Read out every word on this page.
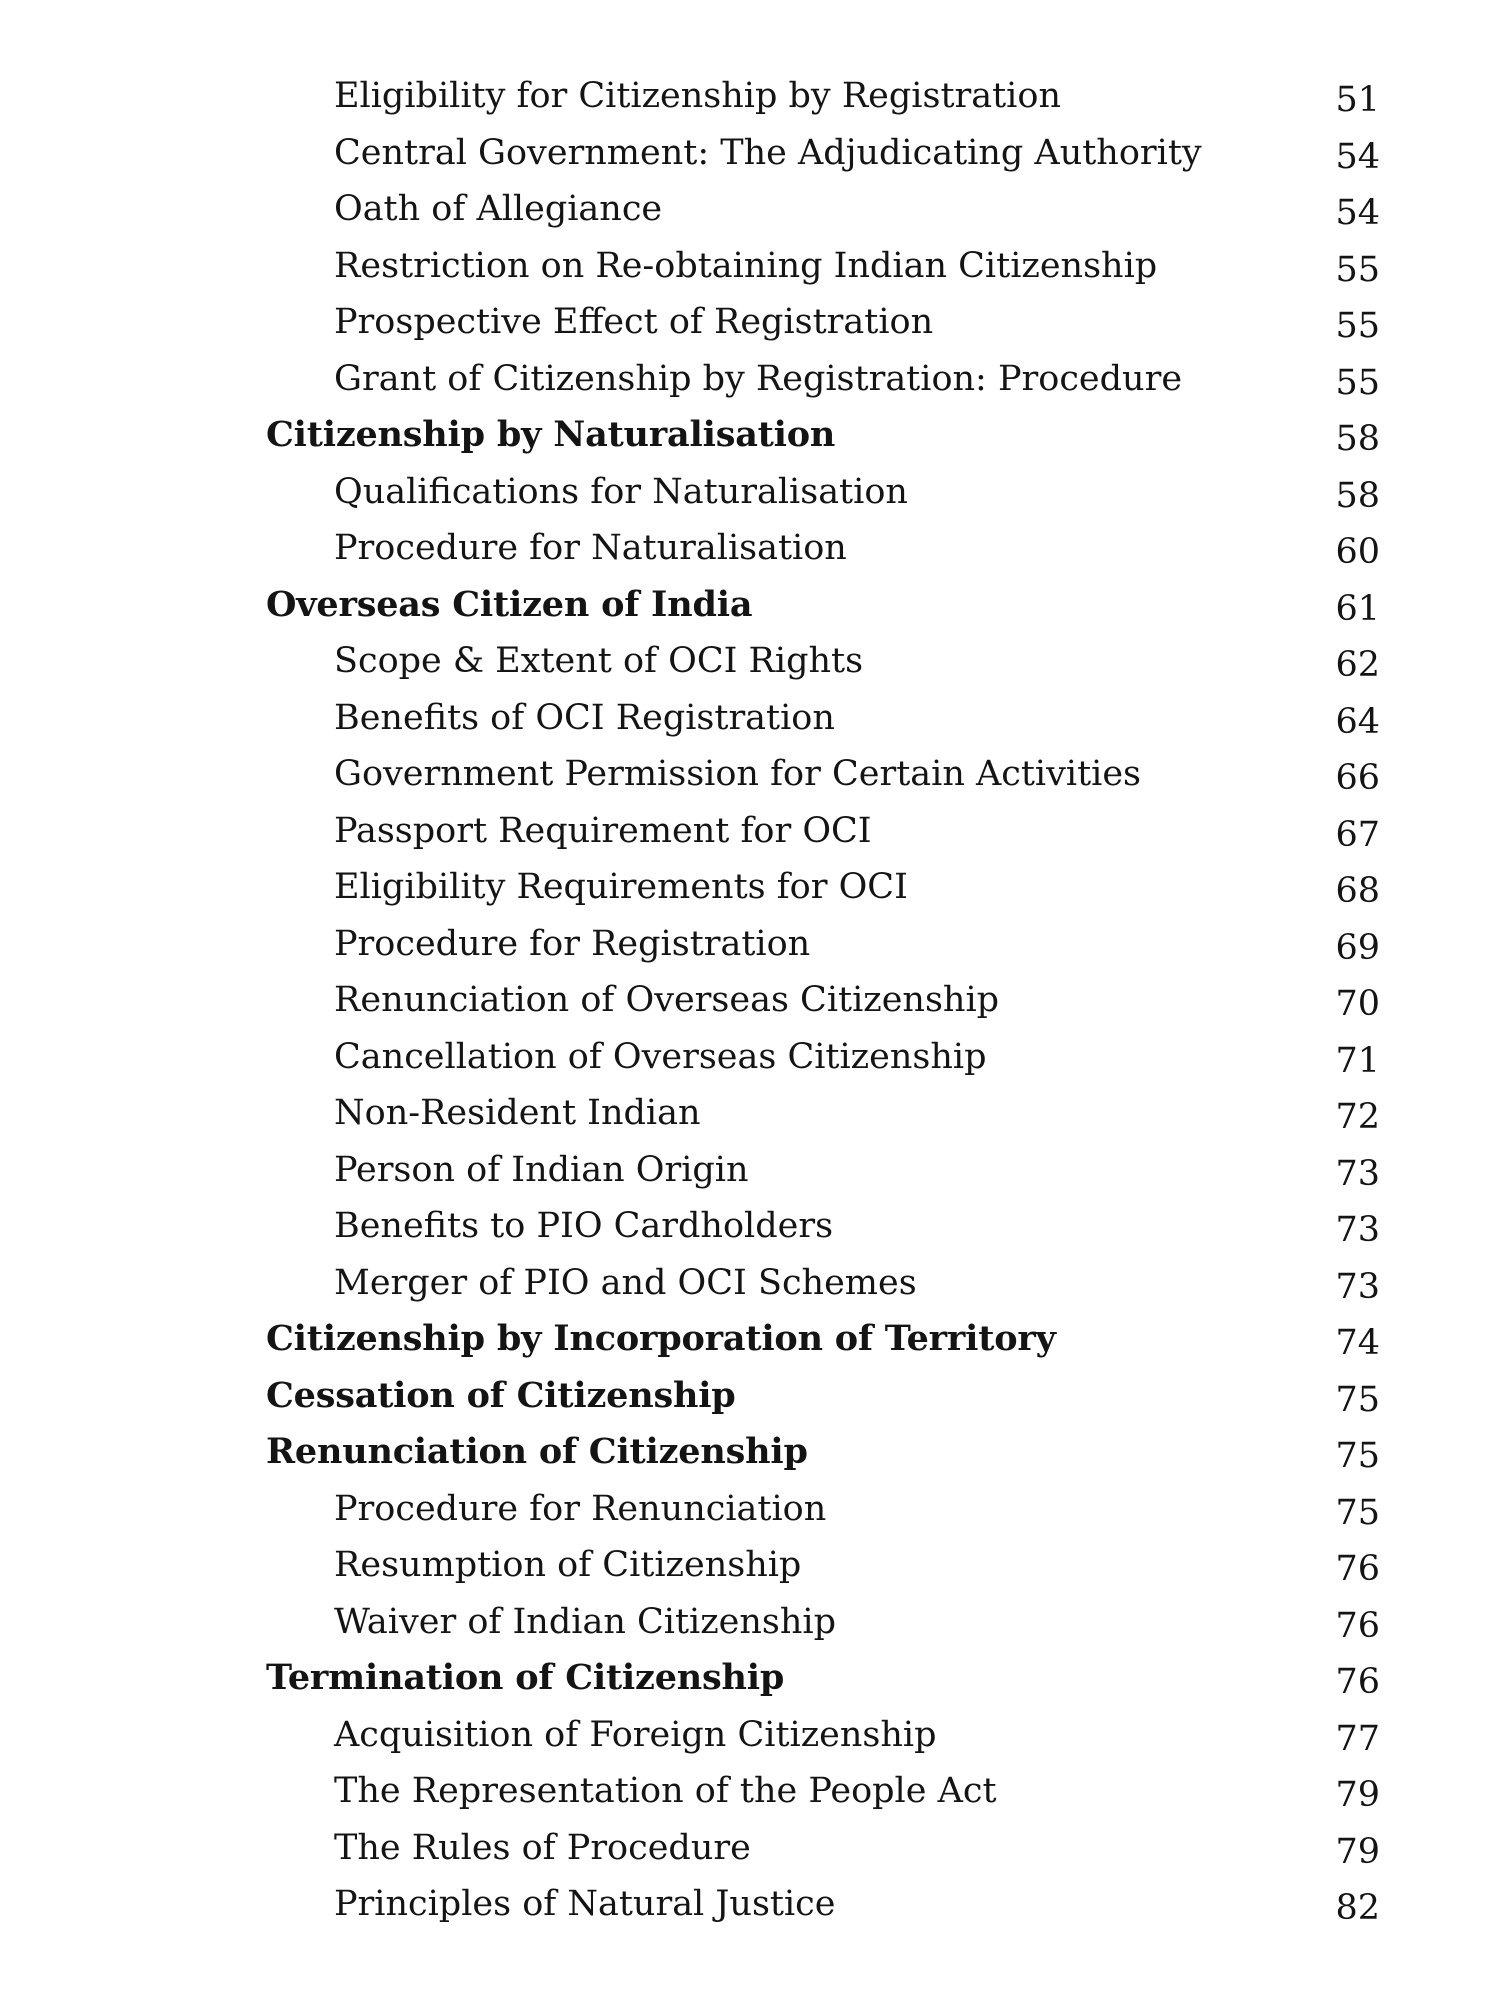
Eligibility for Citizenship by Registration	51
Central Government: The Adjudicating Authority	54
Oath of Allegiance	54
Restriction on Re-obtaining Indian Citizenship	55
Prospective Effect of Registration	55
Grant of Citizenship by Registration: Procedure	55
Citizenship by Naturalisation	58
Qualifications for Naturalisation	58
Procedure for Naturalisation	60
Overseas Citizen of India	61
Scope & Extent of OCI Rights	62
Benefits of OCI Registration	64
Government Permission for Certain Activities	66
Passport Requirement for OCI	67
Eligibility Requirements for OCI	68
Procedure for Registration	69
Renunciation of Overseas Citizenship	70
Cancellation of Overseas Citizenship	71
Non-Resident Indian	72
Person of Indian Origin	73
Benefits to PIO Cardholders	73
Merger of PIO and OCI Schemes	73
Citizenship by Incorporation of Territory	74
Cessation of Citizenship	75
Renunciation of Citizenship	75
Procedure for Renunciation	75
Resumption of Citizenship	76
Waiver of Indian Citizenship	76
Termination of Citizenship	76
Acquisition of Foreign Citizenship	77
The Representation of the People Act	79
The Rules of Procedure	79
Principles of Natural Justice	82
